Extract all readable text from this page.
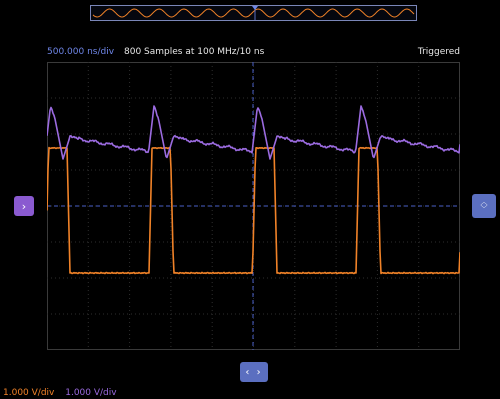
500.000 ns/div 800 Samples at 100 MHz/10 ns	Triggered
›	︿
﹀
‹ ›
1.000 V/div 1.000 V/div
